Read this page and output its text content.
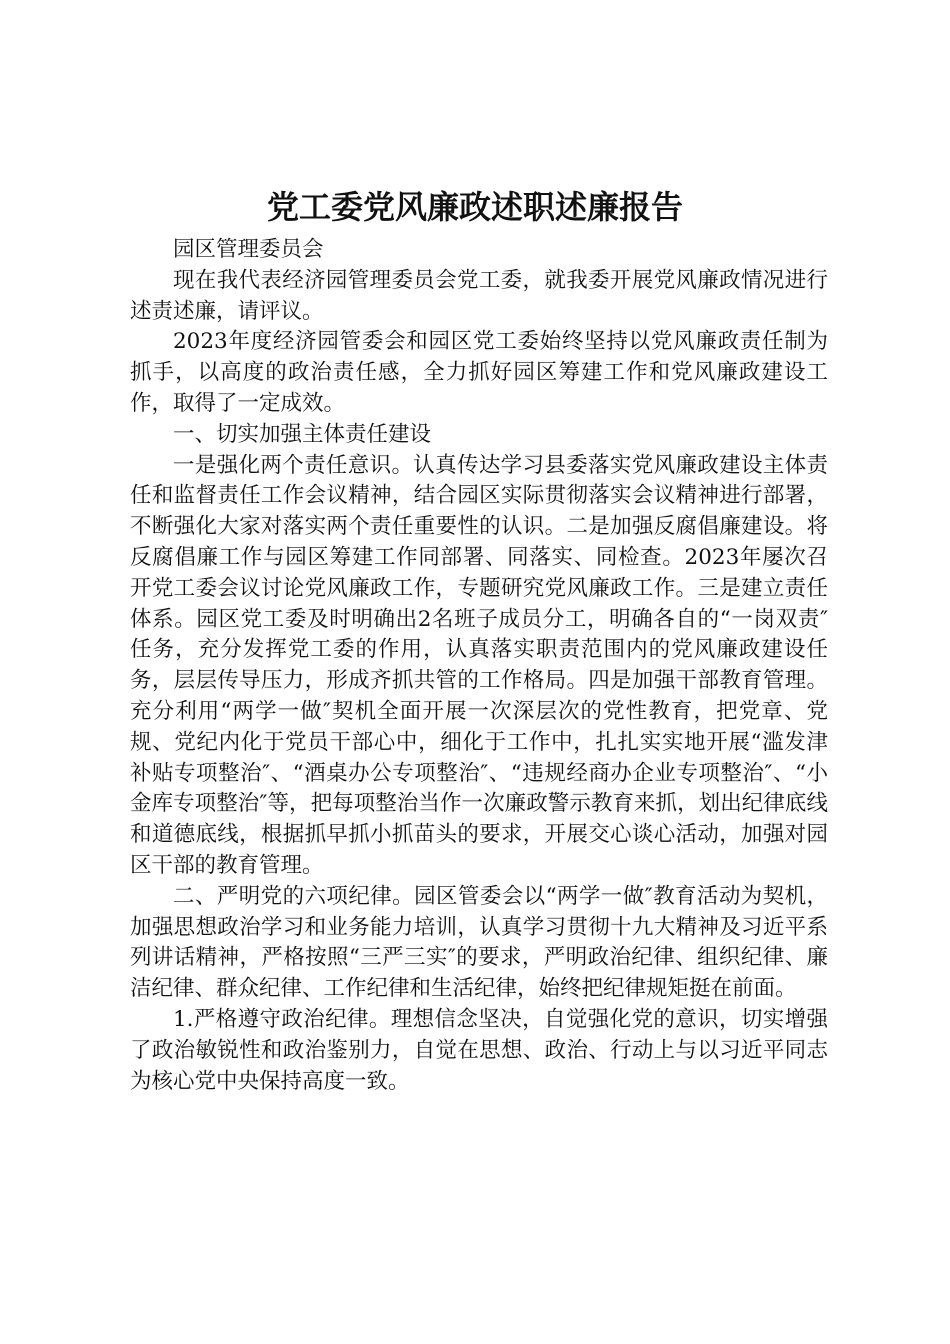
党工委党风廉政述职述廉报告

园区管理委员会

现在我代表经济园管理委员会党工委，就我委开展党风廉政情况进行述责述廉，请评议。

2023年度经济园管委会和园区党工委始终坚持以党风廉政责任制为抓手，以高度的政治责任感，全力抓好园区筹建工作和党风廉政建设工作，取得了一定成效。

一、切实加强主体责任建设

一是强化两个责任意识。认真传达学习县委落实党风廉政建设主体责任和监督责任工作会议精神，结合园区实际贯彻落实会议精神进行部署，不断强化大家对落实两个责任重要性的认识。二是加强反腐倡廉建设。将反腐倡廉工作与园区筹建工作同部署、同落实、同检查。2023年屡次召开党工委会议讨论党风廉政工作，专题研究党风廉政工作。三是建立责任体系。园区党工委及时明确出2名班子成员分工，明确各自的“一岗双责″任务，充分发挥党工委的作用，认真落实职责范围内的党风廉政建设任务，层层传导压力，形成齐抓共管的工作格局。四是加强干部教育管理。充分利用“两学一做″契机全面开展一次深层次的党性教育，把党章、党规、党纪内化于党员干部心中，细化于工作中，扎扎实实地开展“滥发津补贴专项整治″、“酒桌办公专项整治″、“违规经商办企业专项整治″、“小金库专项整治″等，把每项整治当作一次廉政警示教育来抓，划出纪律底线和道德底线，根据抓早抓小抓苗头的要求，开展交心谈心活动，加强对园区干部的教育管理。

二、严明党的六项纪律。园区管委会以“两学一做″教育活动为契机，加强思想政治学习和业务能力培训，认真学习贯彻十九大精神及习近平系列讲话精神，严格按照“三严三实″的要求，严明政治纪律、组织纪律、廉洁纪律、群众纪律、工作纪律和生活纪律，始终把纪律规矩挺在前面。

1.严格遵守政治纪律。理想信念坚决，自觉强化党的意识，切实增强了政治敏锐性和政治鉴别力，自觉在思想、政治、行动上与以习近平同志为核心党中央保持高度一致。
